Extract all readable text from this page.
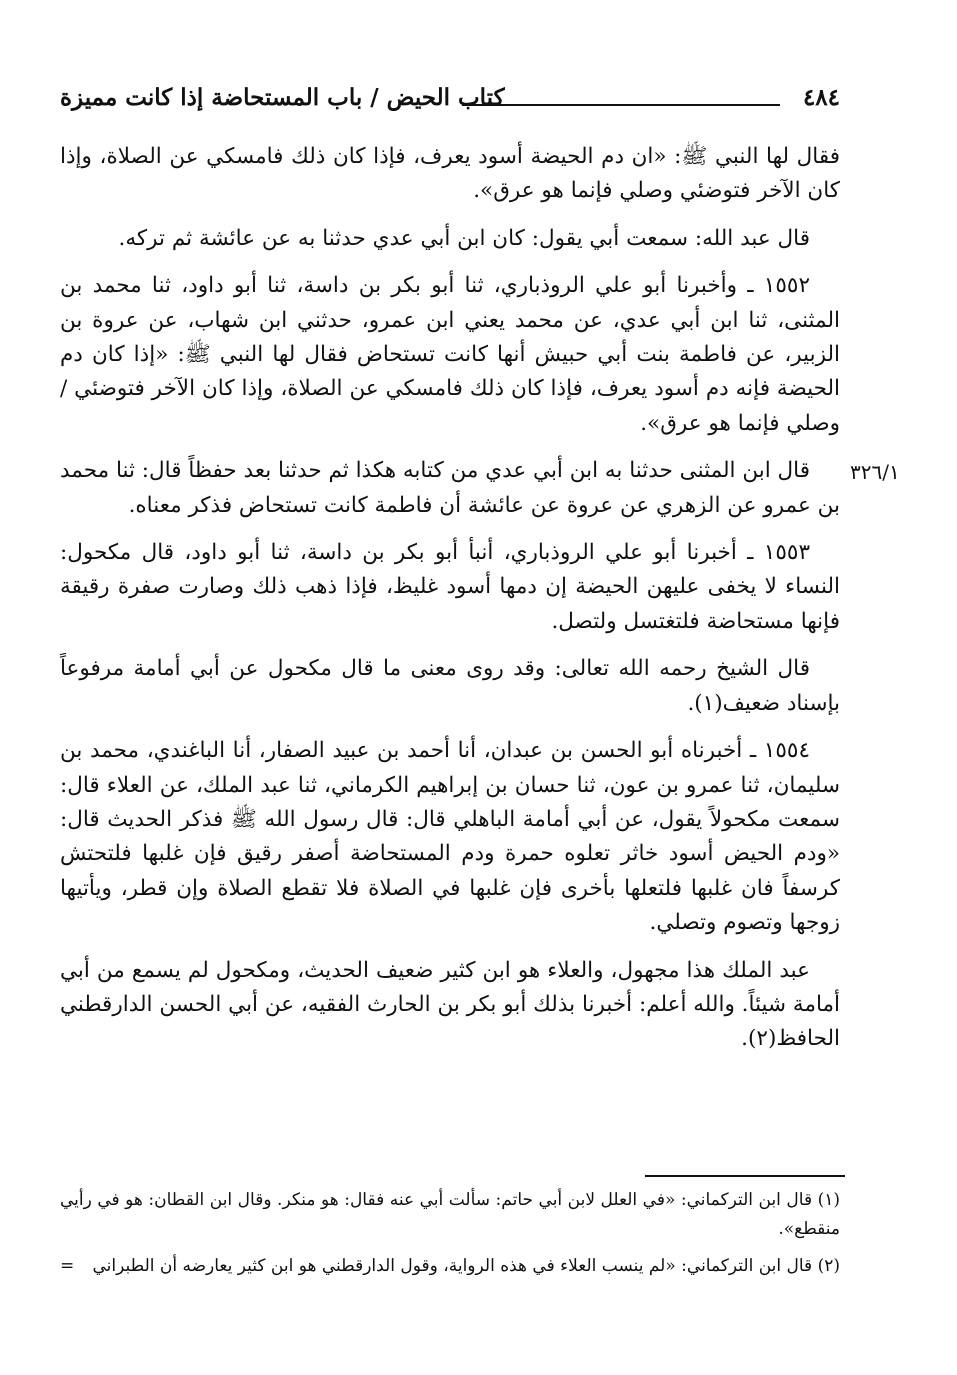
٤٨٤
كتاب الحيض / باب المستحاضة إذا كانت مميزة

فقال لها النبي ﷺ: «ان دم الحيضة أسود يعرف، فإذا كان ذلك فامسكي عن الصلاة، وإذا كان الآخر فتوضئي وصلي فإنما هو عرق».

قال عبد الله: سمعت أبي يقول: كان ابن أبي عدي حدثنا به عن عائشة ثم تركه.

١٥٥٢ ـ وأخبرنا أبو علي الروذباري، ثنا أبو بكر بن داسة، ثنا أبو داود، ثنا محمد بن المثنى، ثنا ابن أبي عدي، عن محمد يعني ابن عمرو، حدثني ابن شهاب، عن عروة بن الزبير، عن فاطمة بنت أبي حبيش أنها كانت تستحاض فقال لها النبي ﷺ: «إذا كان دم الحيضة فإنه دم أسود يعرف، فإذا كان ذلك فامسكي عن الصلاة، وإذا كان الآخر فتوضئي / وصلي فإنما هو عرق».

قال ابن المثنى حدثنا به ابن أبي عدي من كتابه هكذا ثم حدثنا بعد حفظاً قال: ثنا محمد بن عمرو عن الزهري عن عروة عن عائشة أن فاطمة كانت تستحاض فذكر معناه.

١٥٥٣ ـ أخبرنا أبو علي الروذباري، أنبأ أبو بكر بن داسة، ثنا أبو داود، قال مكحول: النساء لا يخفى عليهن الحيضة إن دمها أسود غليظ، فإذا ذهب ذلك وصارت صفرة رقيقة فإنها مستحاضة فلتغتسل ولتصل.

قال الشيخ رحمه الله تعالى: وقد روى معنى ما قال مكحول عن أبي أمامة مرفوعاً بإسناد ضعيف(١).

١٥٥٤ ـ أخبرناه أبو الحسن بن عبدان، أنا أحمد بن عبيد الصفار، أنا الباغندي، محمد بن سليمان، ثنا عمرو بن عون، ثنا حسان بن إبراهيم الكرماني، ثنا عبد الملك، عن العلاء قال: سمعت مكحولاً يقول، عن أبي أمامة الباهلي قال: قال رسول الله ﷺ فذكر الحديث قال: «ودم الحيض أسود خاثر تعلوه حمرة ودم المستحاضة أصفر رقيق فإن غلبها فلتحتش كرسفاً فان غلبها فلتعلها بأخرى فإن غلبها في الصلاة فلا تقطع الصلاة وإن قطر، ويأتيها زوجها وتصوم وتصلي.

عبد الملك هذا مجهول، والعلاء هو ابن كثير ضعيف الحديث، ومكحول لم يسمع من أبي أمامة شيئاً. والله أعلم: أخبرنا بذلك أبو بكر بن الحارث الفقيه، عن أبي الحسن الدارقطني الحافظ(٢).

٣٢٦/١

(١) قال ابن التركماني: «في العلل لابن أبي حاتم: سألت أبي عنه فقال: هو منكر. وقال ابن القطان: هو في رأيي منقطع».

= (٢) قال ابن التركماني: «لم ينسب العلاء في هذه الرواية، وقول الدارقطني هو ابن كثير يعارضه أن الطبراني
